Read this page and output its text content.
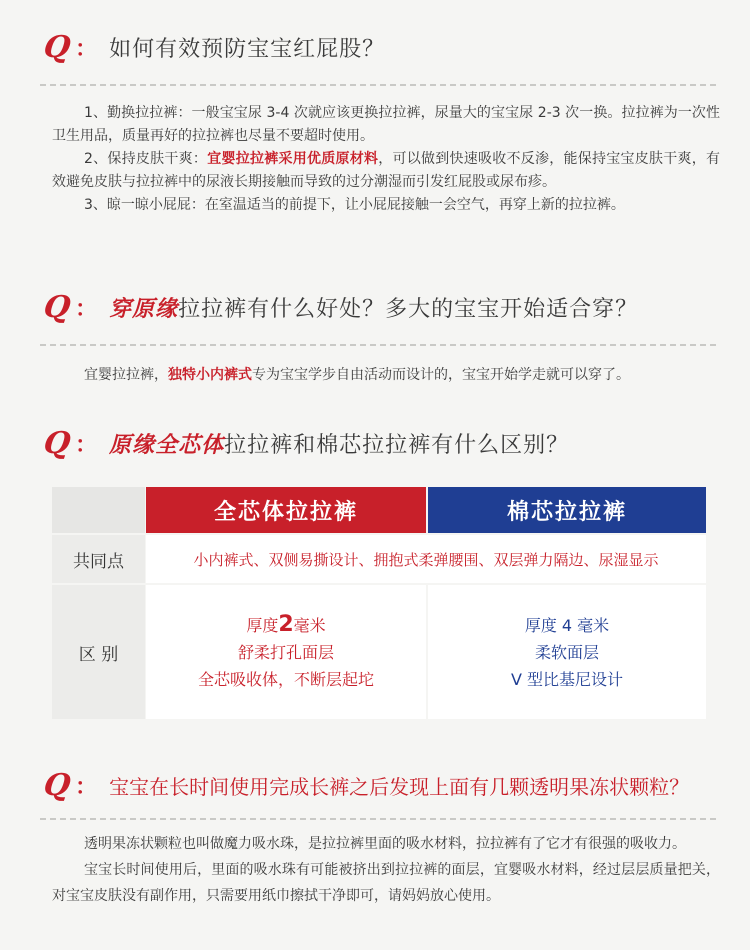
Q ： 如何有效预防宝宝红屁股？

1、勤换拉拉裤：一般宝宝尿 3-4 次就应该更换拉拉裤，尿量大的宝宝尿 2-3 次一换。拉拉裤为一次性卫生用品，质量再好的拉拉裤也尽量不要超时使用。

2、保持皮肤干爽：宜婴拉拉裤采用优质原材料，可以做到快速吸收不反渗，能保持宝宝皮肤干爽，有效避免皮肤与拉拉裤中的尿液长期接触而导致的过分潮湿而引发红屁股或尿布疹。

3、晾一晾小屁屁：在室温适当的前提下，让小屁屁接触一会空气，再穿上新的拉拉裤。

Q ： 穿原缘拉拉裤有什么好处？多大的宝宝开始适合穿？

宜婴拉拉裤，独特小内裤式专为宝宝学步自由活动而设计的，宝宝开始学走就可以穿了。

Q ： 原缘全芯体拉拉裤和棉芯拉拉裤有什么区别？
全芯体拉拉裤	棉芯拉拉裤
共同点	小内裤式、双侧易撕设计、拥抱式柔弹腰围、双层弹力隔边、尿湿显示
区 别
厚度2毫米
舒柔打孔面层
全芯吸收体，不断层起坨
厚度 4 毫米
柔软面层
V 型比基尼设计
Q ： 宝宝在长时间使用完成长裤之后发现上面有几颗透明果冻状颗粒？

透明果冻状颗粒也叫做魔力吸水珠，是拉拉裤里面的吸水材料，拉拉裤有了它才有很强的吸收力。

宝宝长时间使用后，里面的吸水珠有可能被挤出到拉拉裤的面层，宜婴吸水材料，经过层层质量把关，对宝宝皮肤没有副作用，只需要用纸巾擦拭干净即可，请妈妈放心使用。
